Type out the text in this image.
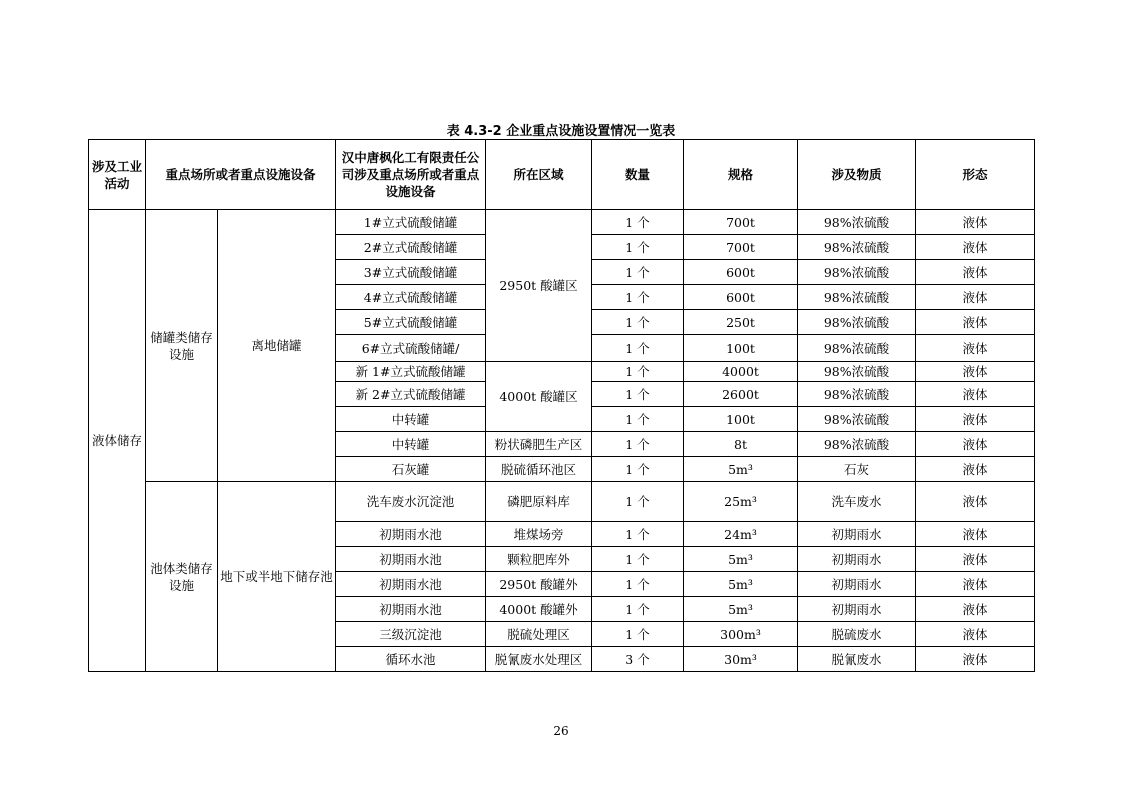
表 4.3-2 企业重点设施设置情况一览表
涉及工业活动	重点场所或者重点设施设备		汉中唐枫化工有限责任公司涉及重点场所或者重点设施设备	所在区域	数量	规格	涉及物质	形态
液体储存	储罐类储存设施	离地储罐	1#立式硫酸储罐	2950t 酸罐区	1 个	700t	98%浓硫酸	液体
			2#立式硫酸储罐		1 个	700t	98%浓硫酸	液体
			3#立式硫酸储罐		1 个	600t	98%浓硫酸	液体
			4#立式硫酸储罐		1 个	600t	98%浓硫酸	液体
			5#立式硫酸储罐		1 个	250t	98%浓硫酸	液体
			6#立式硫酸储罐/		1 个	100t	98%浓硫酸	液体
			新 1#立式硫酸储罐	4000t 酸罐区	1 个	4000t	98%浓硫酸	液体
			新 2#立式硫酸储罐		1 个	2600t	98%浓硫酸	液体
			中转罐		1 个	100t	98%浓硫酸	液体
			中转罐	粉状磷肥生产区	1 个	8t	98%浓硫酸	液体
			石灰罐	脱硫循环池区	1 个	5m³	石灰	液体
	池体类储存设施	地下或半地下储存池	洗车废水沉淀池	磷肥原料库	1 个	25m³	洗车废水	液体
			初期雨水池	堆煤场旁	1 个	24m³	初期雨水	液体
			初期雨水池	颗粒肥库外	1 个	5m³	初期雨水	液体
			初期雨水池	2950t 酸罐外	1 个	5m³	初期雨水	液体
			初期雨水池	4000t 酸罐外	1 个	5m³	初期雨水	液体
			三级沉淀池	脱硫处理区	1 个	300m³	脱硫废水	液体
			循环水池	脱氰废水处理区	3 个	30m³	脱氰废水	液体
26
